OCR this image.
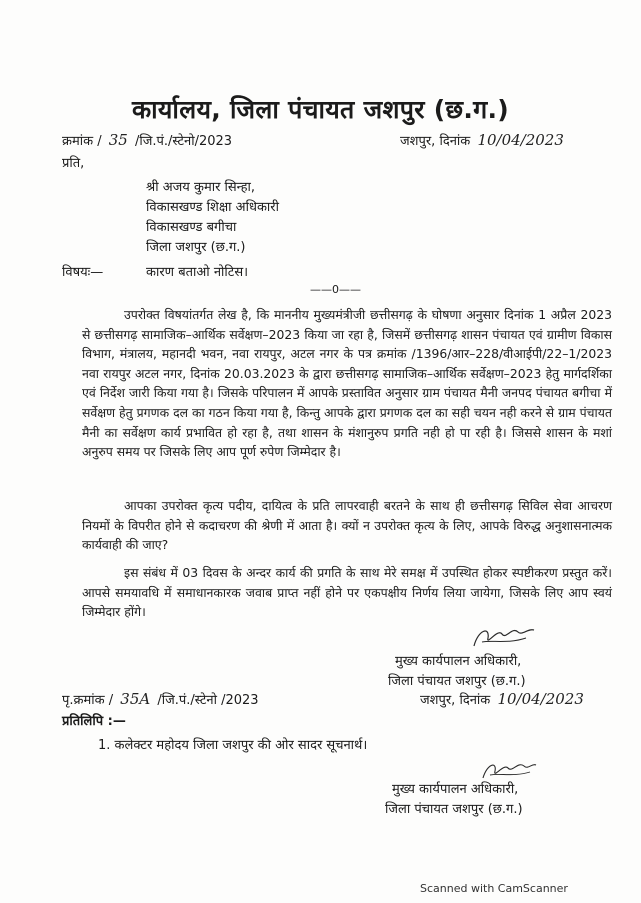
कार्यालय, जिला पंचायत जशपुर (छ.ग.)
क्रमांक / 35 /जि.पं./स्टेनो/2023	जशपुर, दिनांक 10/04/2023
प्रति,
श्री अजय कुमार सिन्हा,
विकासखण्ड शिक्षा अधिकारी
विकासखण्ड बगीचा
जिला जशपुर (छ.ग.)
विषयः—	कारण बताओ नोटिस।
——0——
उपरोक्त विषयांतर्गत लेख है, कि माननीय मुख्यमंत्रीजी छत्तीसगढ़ के घोषणा अनुसार दिनांक 1 अप्रैल 2023 से छत्तीसगढ़ सामाजिक–आर्थिक सर्वेक्षण–2023 किया जा रहा है, जिसमें छत्तीसगढ़ शासन पंचायत एवं ग्रामीण विकास विभाग, मंत्रालय, महानदी भवन, नवा रायपुर, अटल नगर के पत्र क्रमांक /1396/आर–228/वीआईपी/22–1/2023 नवा रायपुर अटल नगर, दिनांक 20.03.2023 के द्वारा छत्तीसगढ़ सामाजिक–आर्थिक सर्वेक्षण–2023 हेतु मार्गदर्शिका एवं निर्देश जारी किया गया है। जिसके परिपालन में आपके प्रस्तावित अनुसार ग्राम पंचायत मैनी जनपद पंचायत बगीचा में सर्वेक्षण हेतु प्रगणक दल का गठन किया गया है, किन्तु आपके द्वारा प्रगणक दल का सही चयन नही करने से ग्राम पंचायत मैनी का सर्वेक्षण कार्य प्रभावित हो रहा है, तथा शासन के मंशानुरुप प्रगति नही हो पा रही है। जिससे शासन के मशां अनुरुप समय पर जिसके लिए आप पूर्ण रुपेण जिम्मेदार है।
आपका उपरोक्त कृत्य पदीय, दायित्व के प्रति लापरवाही बरतने के साथ ही छत्तीसगढ़ सिविल सेवा आचरण नियमों के विपरीत होने से कदाचरण की श्रेणी में आता है। क्यों न उपरोक्त कृत्य के लिए, आपके विरुद्ध अनुशासनात्मक कार्यवाही की जाए?
इस संबंध में 03 दिवस के अन्दर कार्य की प्रगति के साथ मेरे समक्ष में उपस्थित होकर स्पष्टीकरण प्रस्तुत करें। आपसे समयावधि में समाधानकारक जवाब प्राप्त नहीं होने पर एकपक्षीय निर्णय लिया जायेगा, जिसके लिए आप स्वयं जिम्मेदार होंगे।
मुख्य कार्यपालन अधिकारी,
जिला पंचायत जशपुर (छ.ग.)
जशपुर, दिनांक 10/04/2023
पृ.क्रमांक / 35A /जि.पं./स्टेनो /2023
प्रतिलिपि :—
1. कलेक्टर महोदय जिला जशपुर की ओर सादर सूचनार्थ।
मुख्य कार्यपालन अधिकारी,
जिला पंचायत जशपुर (छ.ग.)
Scanned with CamScanner
